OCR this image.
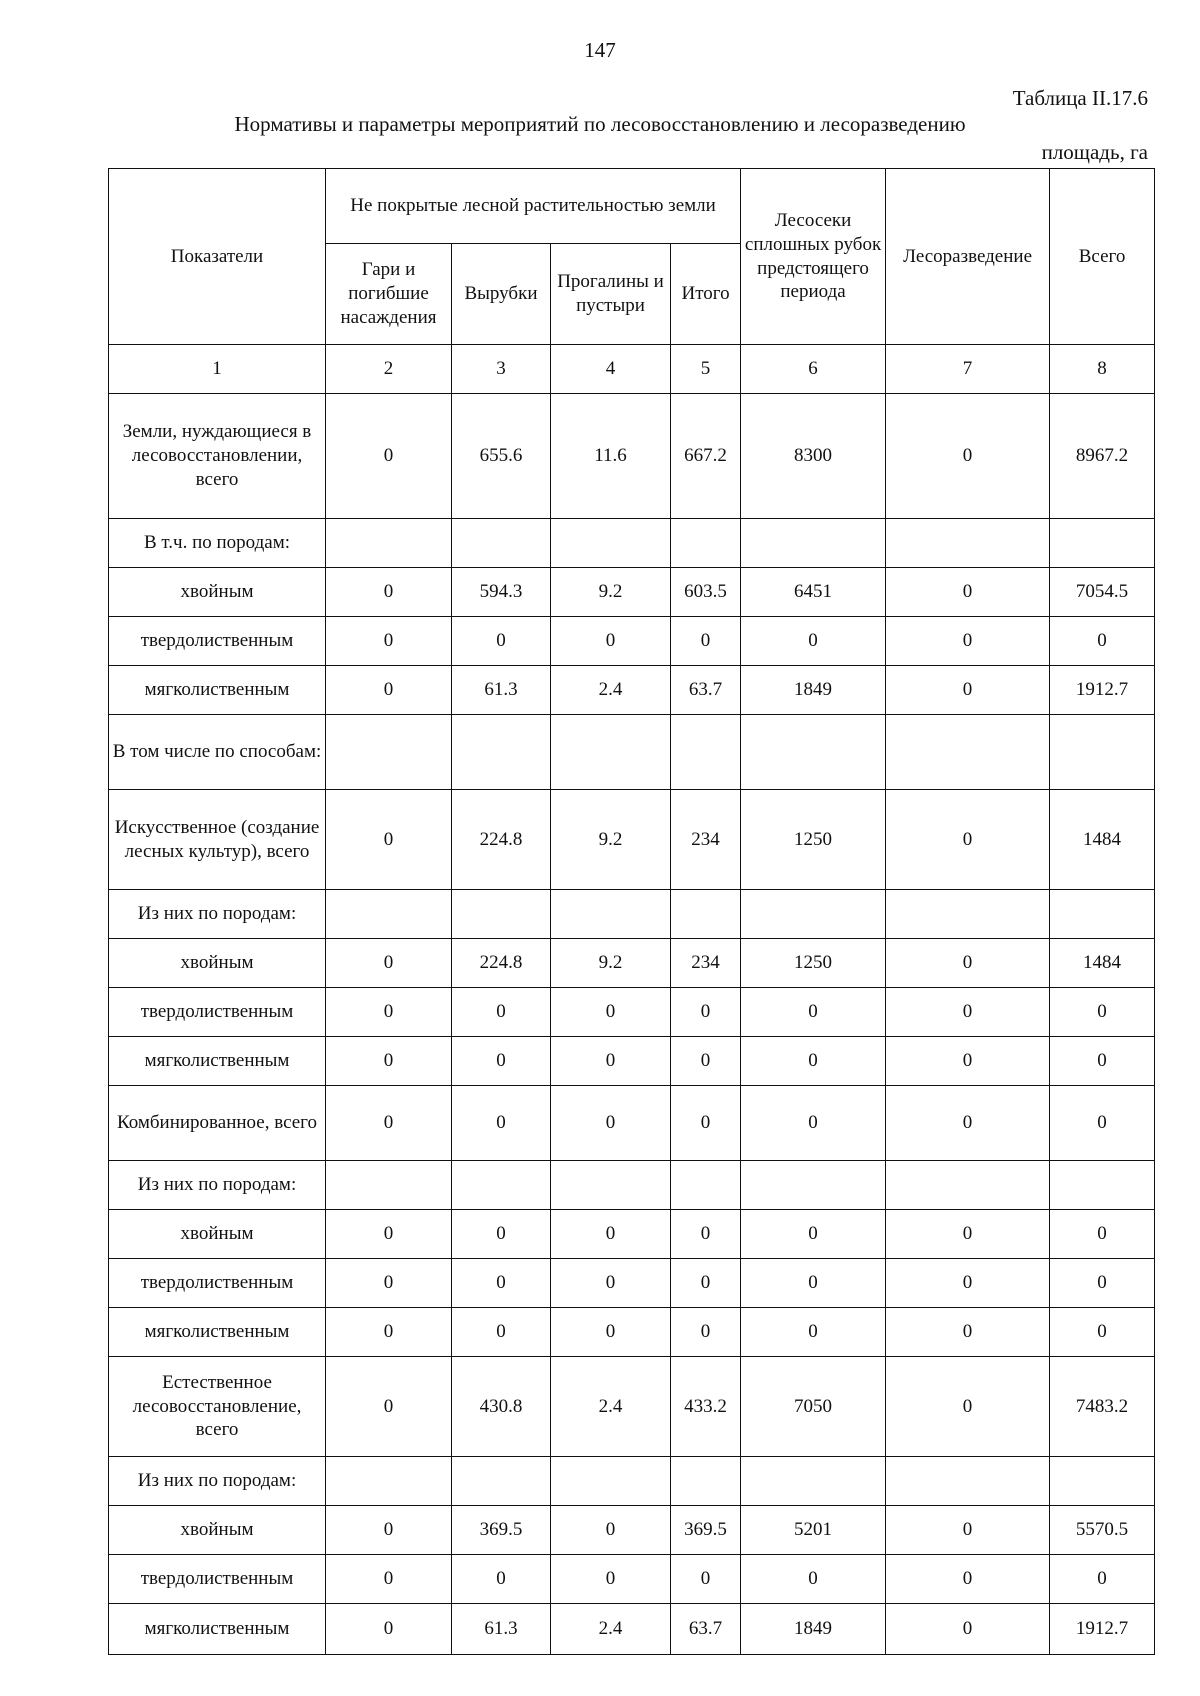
147
Таблица II.17.6
Нормативы и параметры мероприятий по лесовосстановлению и лесоразведению
площадь, га
Показатели	Не покрытые лесной растительностью земли				Лесосеки сплошных рубок предстоящего периода	Лесоразведение	Всего
	Гари и погибшие насаждения	Вырубки	Прогалины и пустыри	Итого			
1	2	3	4	5	6	7	8
Земли, нуждающиеся в лесовосстановлении, всего	0	655.6	11.6	667.2	8300	0	8967.2
В т.ч. по породам:							
хвойным	0	594.3	9.2	603.5	6451	0	7054.5
твердолиственным	0	0	0	0	0	0	0
мягколиственным	0	61.3	2.4	63.7	1849	0	1912.7
В том числе по способам:							
Искусственное (создание лесных культур), всего	0	224.8	9.2	234	1250	0	1484
Из них по породам:							
хвойным	0	224.8	9.2	234	1250	0	1484
твердолиственным	0	0	0	0	0	0	0
мягколиственным	0	0	0	0	0	0	0
Комбинированное, всего	0	0	0	0	0	0	0
Из них по породам:							
хвойным	0	0	0	0	0	0	0
твердолиственным	0	0	0	0	0	0	0
мягколиственным	0	0	0	0	0	0	0
Естественное лесовосстановление, всего	0	430.8	2.4	433.2	7050	0	7483.2
Из них по породам:							
хвойным	0	369.5	0	369.5	5201	0	5570.5
твердолиственным	0	0	0	0	0	0	0
мягколиственным	0	61.3	2.4	63.7	1849	0	1912.7
